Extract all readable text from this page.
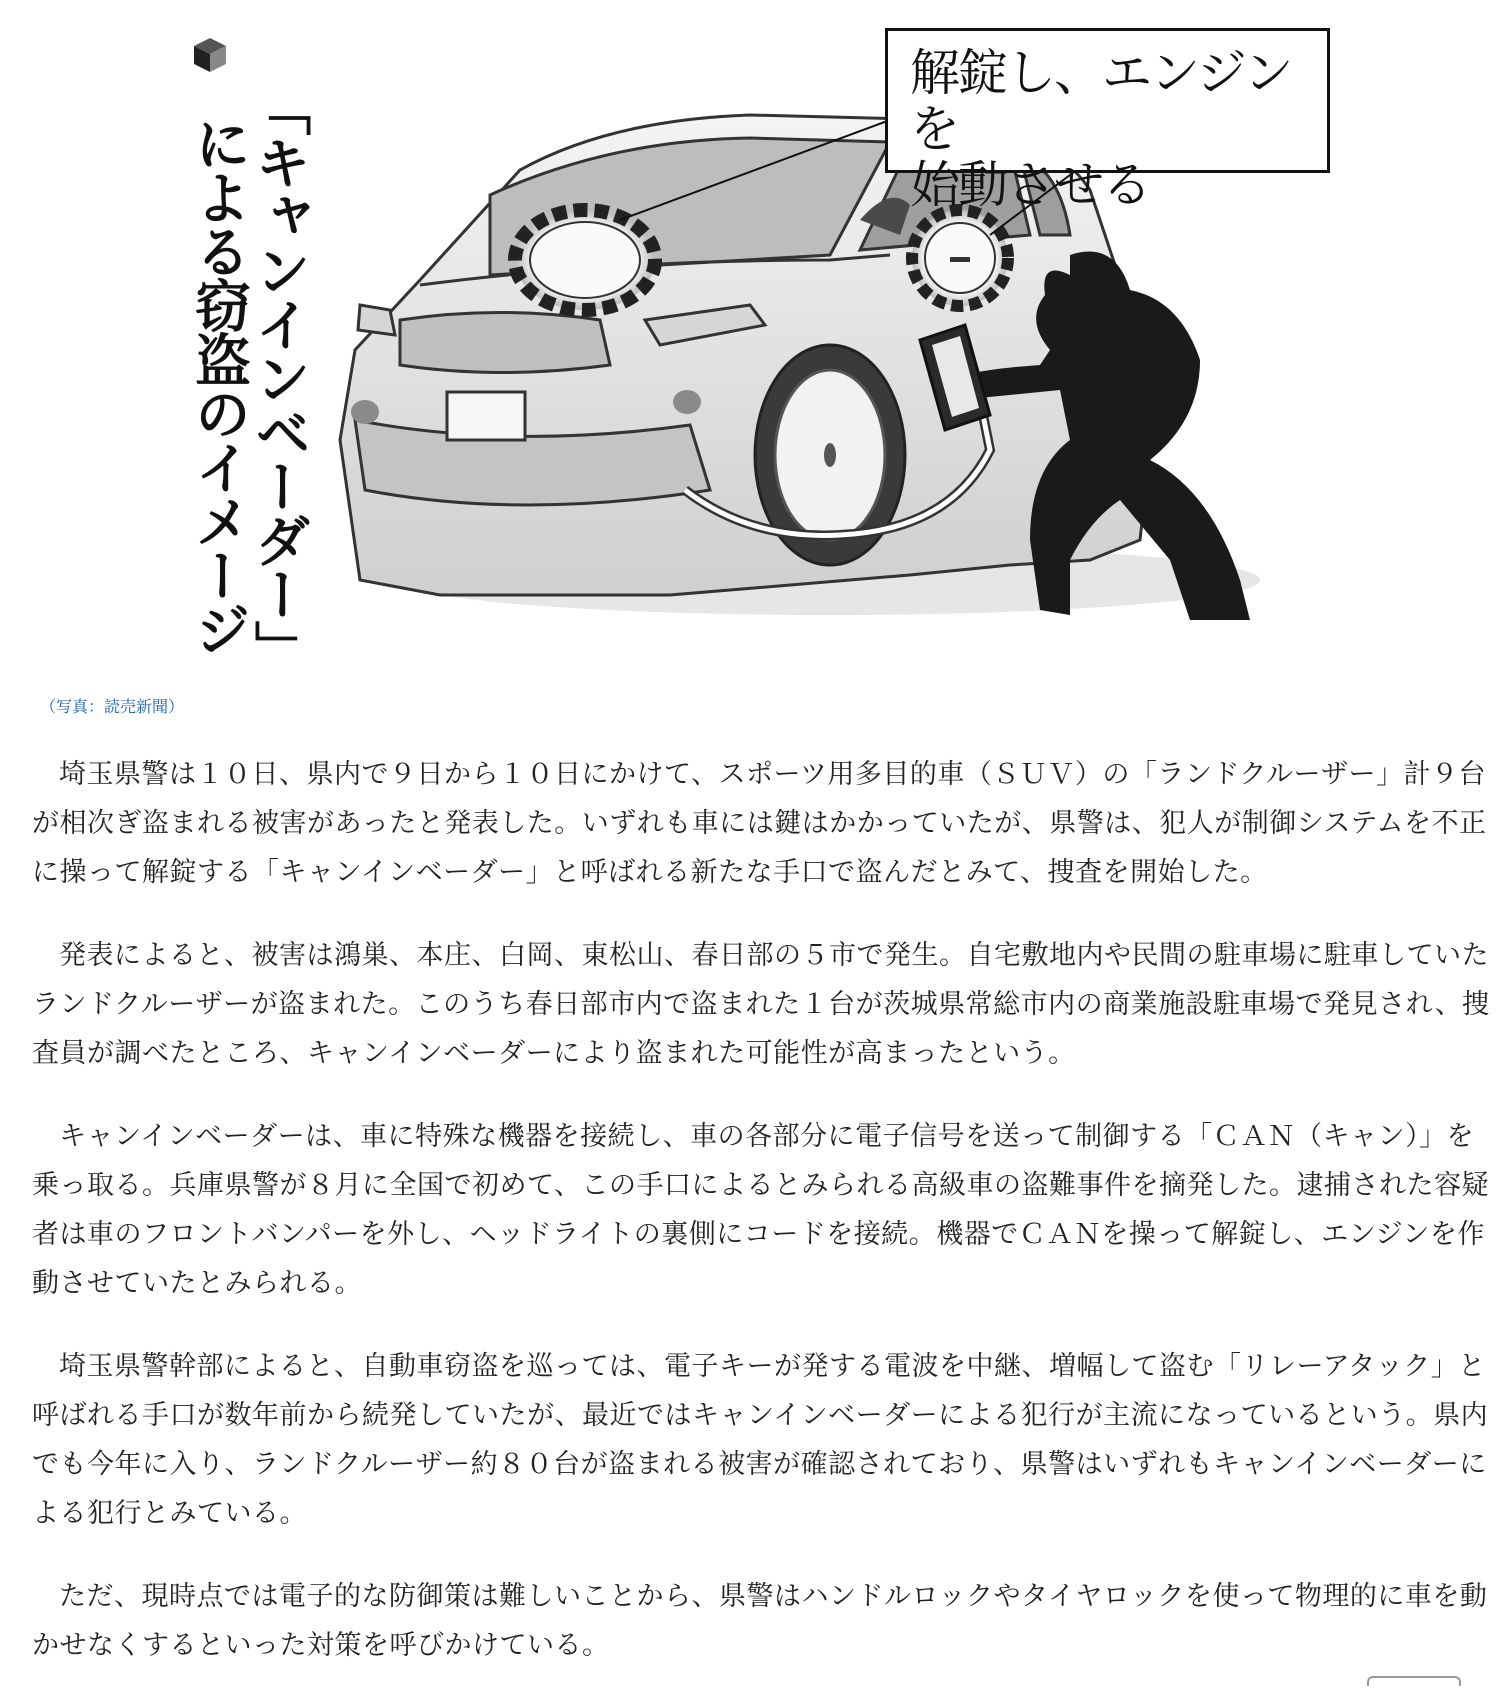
「キャンインベーダー」
による窃盗のイメージ
解錠し、エンジンを
始動させる
（写真：読売新聞）

埼玉県警は１０日、県内で９日から１０日にかけて、スポーツ用多目的車（ＳＵＶ）の「ランドクルーザー」計９台が相次ぎ盗まれる被害があったと発表した。いずれも車には鍵はかかっていたが、県警は、犯人が制御システムを不正に操って解錠する「キャンインベーダー」と呼ばれる新たな手口で盗んだとみて、捜査を開始した。

発表によると、被害は鴻巣、本庄、白岡、東松山、春日部の５市で発生。自宅敷地内や民間の駐車場に駐車していたランドクルーザーが盗まれた。このうち春日部市内で盗まれた１台が茨城県常総市内の商業施設駐車場で発見され、捜査員が調べたところ、キャンインベーダーにより盗まれた可能性が高まったという。

キャンインベーダーは、車に特殊な機器を接続し、車の各部分に電子信号を送って制御する「ＣＡＮ（キャン）」を乗っ取る。兵庫県警が８月に全国で初めて、この手口によるとみられる高級車の盗難事件を摘発した。逮捕された容疑者は車のフロントバンパーを外し、ヘッドライトの裏側にコードを接続。機器でＣＡＮを操って解錠し、エンジンを作動させていたとみられる。

埼玉県警幹部によると、自動車窃盗を巡っては、電子キーが発する電波を中継、増幅して盗む「リレーアタック」と呼ばれる手口が数年前から続発していたが、最近ではキャンインベーダーによる犯行が主流になっているという。県内でも今年に入り、ランドクルーザー約８０台が盗まれる被害が確認されており、県警はいずれもキャンインベーダーによる犯行とみている。

ただ、現時点では電子的な防御策は難しいことから、県警はハンドルロックやタイヤロックを使って物理的に車を動かせなくするといった対策を呼びかけている。
